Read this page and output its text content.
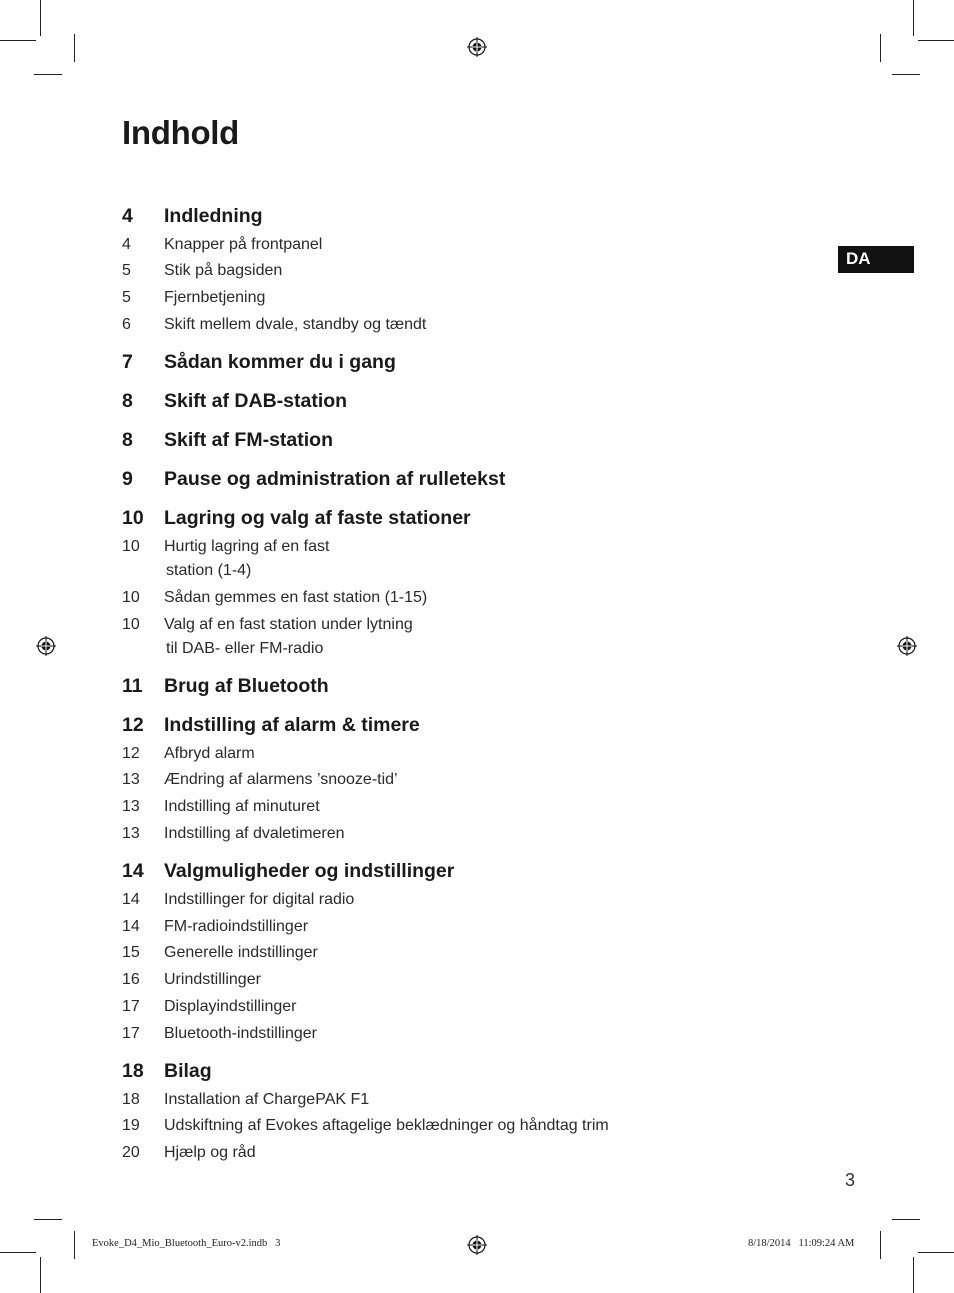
Indhold
DA
4 Indledning
4 Knapper på frontpanel
5 Stik på bagsiden
5 Fjernbetjening
6 Skift mellem dvale, standby og tændt
7 Sådan kommer du i gang
8 Skift af DAB-station
8 Skift af FM-station
9 Pause og administration af rulletekst
10 Lagring og valg af faste stationer
10 Hurtig lagring af en fast
station (1-4)
10 Sådan gemmes en fast station (1-15)
10 Valg af en fast station under lytning
til DAB- eller FM-radio
11 Brug af Bluetooth
12 Indstilling af alarm & timere
12 Afbryd alarm
13 Ændring af alarmens ’snooze-tid’
13 Indstilling af minuturet
13 Indstilling af dvaletimeren
14 Valgmuligheder og indstillinger
14 Indstillinger for digital radio
14 FM-radioindstillinger
15 Generelle indstillinger
16 Urindstillinger
17 Displayindstillinger
17 Bluetooth-indstillinger
18 Bilag
18 Installation af ChargePAK F1
19 Udskiftning af Evokes aftagelige beklædninger og håndtag trim
20 Hjælp og råd
3
Evoke_D4_Mio_Bluetooth_Euro-v2.indb   3	8/18/2014   11:09:24 AM
